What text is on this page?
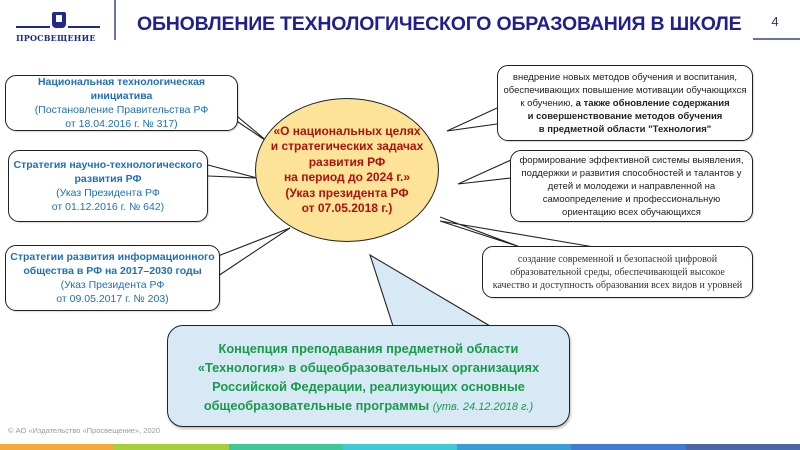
ПРОСВЕЩЕНИЕ
ОБНОВЛЕНИЕ ТЕХНОЛОГИЧЕСКОГО ОБРАЗОВАНИЯ В ШКОЛЕ	4
Национальная технологическая инициатива
(Постановление Правительства РФ
от 18.04.2016 г. № 317)
Стратегия научно-технологического
развития РФ
(Указ Президента РФ
от 01.12.2016 г. № 642)
Стратегии развития информационного
общества в РФ на 2017–2030 годы
(Указ Президента РФ
от 09.05.2017 г. № 203)
«О национальных целях
и стратегических задачах
развития РФ
на период до 2024 г.»
(Указ президента РФ
от 07.05.2018 г.)
внедрение новых методов обучения и воспитания,
обеспечивающих повышение мотивации обучающихся
к обучению, а также обновление содержания
и совершенствование методов обучения
в предметной области "Технология"
формирование эффективной системы выявления,
поддержки и развития способностей и талантов у
детей и молодежи и направленной на
самоопределение и профессиональную
ориентацию всех обучающихся
создание современной и безопасной цифровой
образовательной среды, обеспечивающей высокое
качество и доступность образования всех видов и уровней
Концепция преподавания предметной области
«Технология» в общеобразовательных организациях
Российской Федерации, реализующих основные
общеобразовательные программы (утв. 24.12.2018 г.)
© АО «Издательство «Просвещение», 2020
